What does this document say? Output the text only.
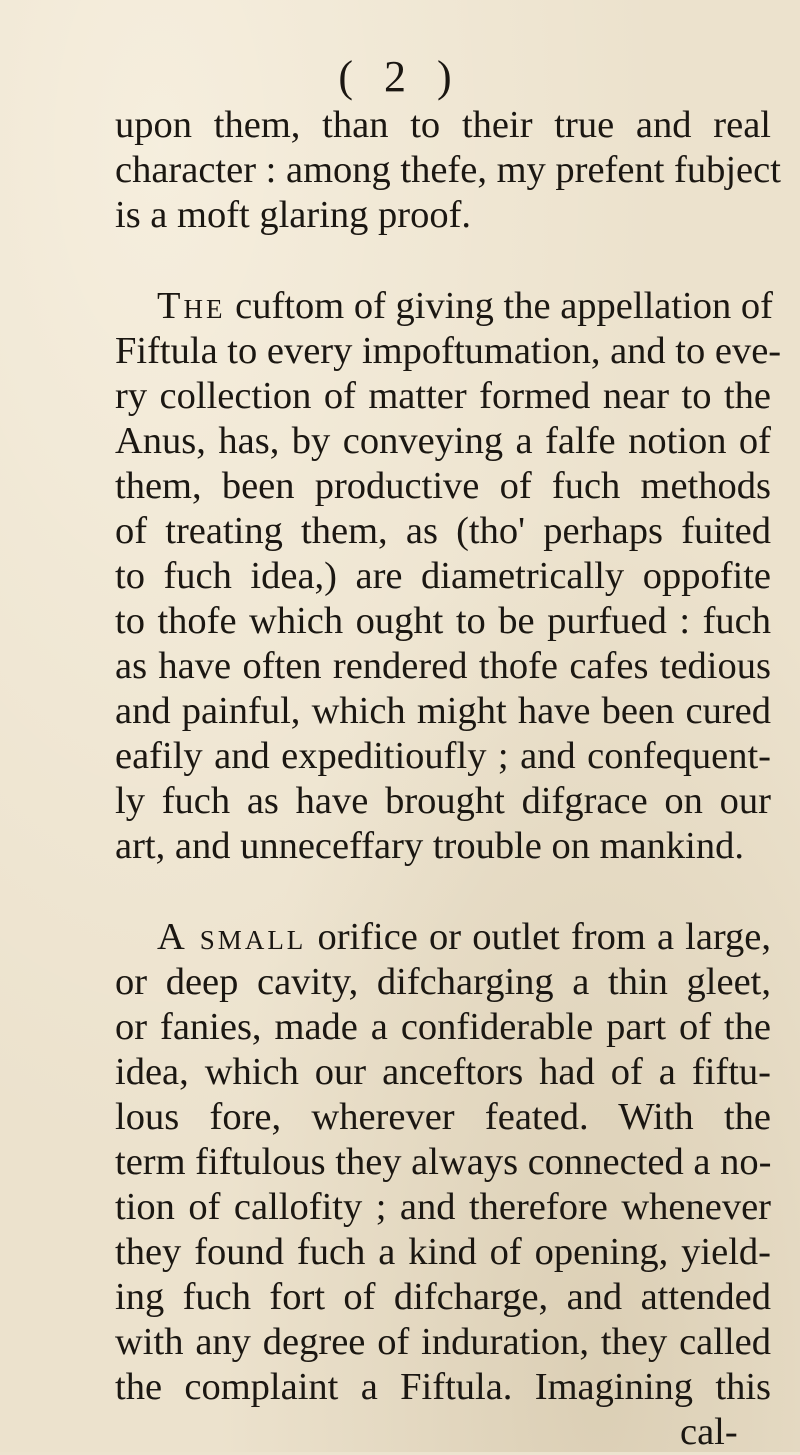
( 2 )
upon them, than to their true and real
character : among thefe, my prefent fubject
is a moft glaring proof.
The cuftom of giving the appellation of
Fiftula to every impoftumation, and to eve-
ry collection of matter formed near to the
Anus, has, by conveying a falfe notion of
them, been productive of fuch methods
of treating them, as (tho' perhaps fuited
to fuch idea,) are diametrically oppofite
to thofe which ought to be purfued : fuch
as have often rendered thofe cafes tedious
and painful, which might have been cured
eafily and expeditioufly ; and confequent-
ly fuch as have brought difgrace on our
art, and unneceffary trouble on mankind.
A small orifice or outlet from a large,
or deep cavity, difcharging a thin gleet,
or fanies, made a confiderable part of the
idea, which our anceftors had of a fiftu-
lous fore, wherever feated. With the
term fiftulous they always connected a no-
tion of callofity ; and therefore whenever
they found fuch a kind of opening, yield-
ing fuch fort of difcharge, and attended
with any degree of induration, they called
the complaint a Fiftula. Imagining this
cal-
